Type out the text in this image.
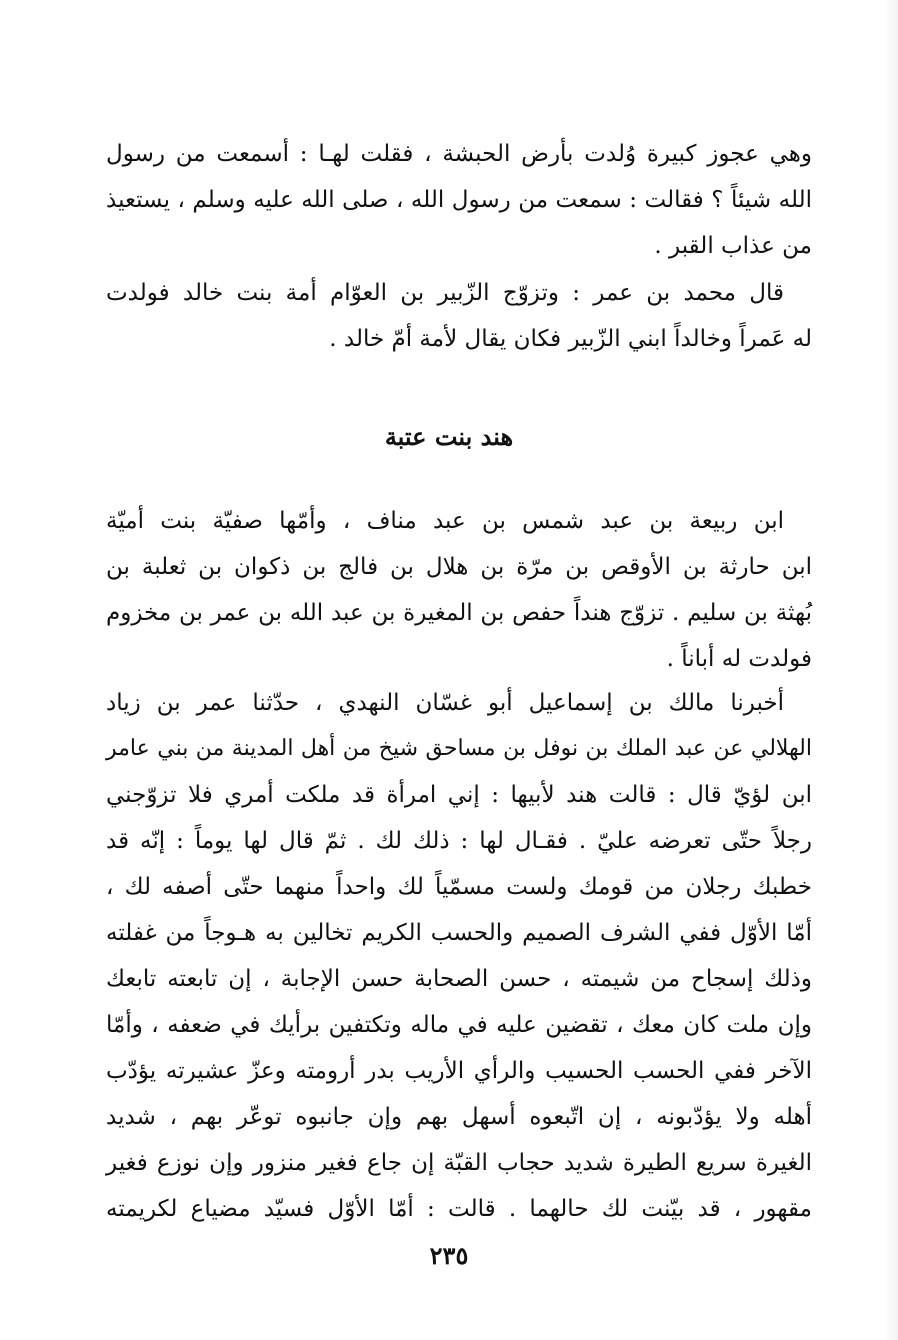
وهي عجوز كبيرة وُلدت بأرض الحبشة ، فقلت لهـا : أسمعت من رسول
الله شيئاً ؟ فقالت : سمعت من رسول الله ، صلى الله عليه وسلم ، يستعيذ
من عذاب القبر .
قال محمد بن عمر : وتزوّج الزّبير بن العوّام أمة بنت خالد فولدت
له عَمراً وخالداً ابني الزّبير فكان يقال لأمة أمّ خالد .
هند بنت عتبة
ابن ربيعة بن عبد شمس بن عبد مناف ، وأمّها صفيّة بنت أميّة
ابن حارثة بن الأوقص بن مرّة بن هلال بن فالج بن ذكوان بن ثعلبة بن
بُهثة بن سليم . تزوّج هنداً حفص بن المغيرة بن عبد الله بن عمر بن مخزوم
فولدت له أباناً .
أخبرنا مالك بن إسماعيل أبو غسّان النهدي ، حدّثنا عمر بن زياد
الهلالي عن عبد الملك بن نوفل بن مساحق شيخ من أهل المدينة من بني عامر
ابن لؤيّ قال : قالت هند لأبيها : إني امرأة قد ملكت أمري فلا تزوّجني
رجلاً حتّى تعرضه عليّ . فقـال لها : ذلك لك . ثمّ قال لها يوماً : إنّه قد
خطبك رجلان من قومك ولست مسمّياً لك واحداً منهما حتّى أصفه لك ،
أمّا الأوّل ففي الشرف الصميم والحسب الكريم تخالين به هـوجاً من غفلته
وذلك إسجاح من شيمته ، حسن الصحابة حسن الإجابة ، إن تابعته تابعك
وإن ملت كان معك ، تقضين عليه في ماله وتكتفين برأيك في ضعفه ، وأمّا
الآخر ففي الحسب الحسيب والرأي الأريب بدر أرومته وعزّ عشيرته يؤدّب
أهله ولا يؤدّبونه ، إن اتّبعوه أسهل بهم وإن جانبوه توعّر بهم ، شديد
الغيرة سريع الطيرة شديد حجاب القبّة إن جاع فغير منزور وإن نوزع فغير
مقهور ، قد بيّنت لك حالهما . قالت : أمّا الأوّل فسيّد مضياع لكريمته
٢٣٥
